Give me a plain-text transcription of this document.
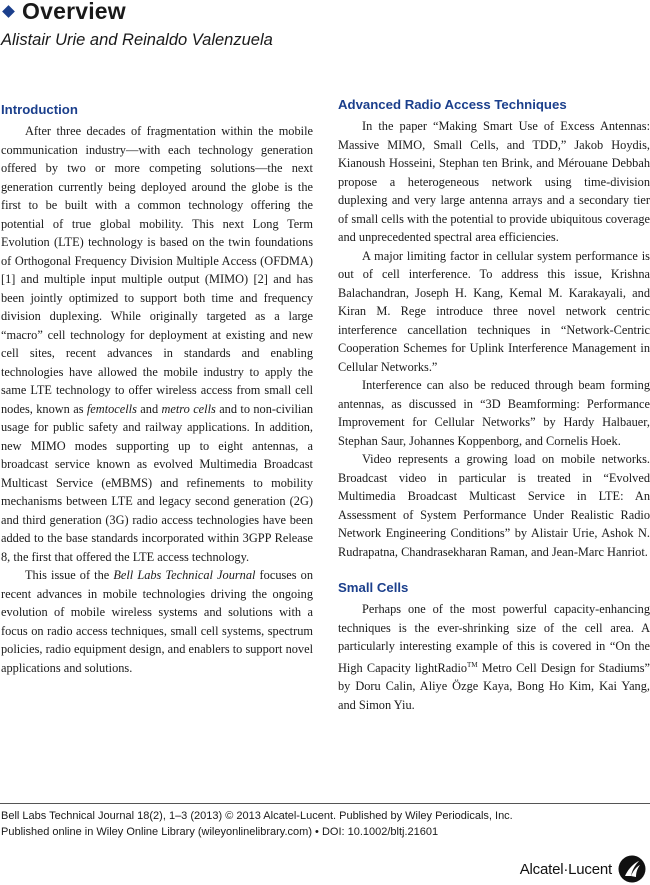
Overview
Alistair Urie and Reinaldo Valenzuela
Introduction

After three decades of fragmentation within the mobile communication industry—with each technology generation offered by two or more competing solutions—the next generation currently being deployed around the globe is the first to be built with a common technology offering the potential of true global mobility. This next Long Term Evolution (LTE) technology is based on the twin foundations of Orthogonal Frequency Division Multiple Access (OFDMA) [1] and multiple input multiple output (MIMO) [2] and has been jointly optimized to support both time and frequency division duplexing. While originally targeted as a large “macro” cell technology for deployment at existing and new cell sites, recent advances in standards and enabling technologies have allowed the mobile industry to apply the same LTE technology to offer wireless access from small cell nodes, known as femtocells and metro cells and to non-civilian usage for public safety and railway applications. In addition, new MIMO modes supporting up to eight antennas, a broadcast service known as evolved Multimedia Broadcast Multicast Service (eMBMS) and refinements to mobility mechanisms between LTE and legacy second generation (2G) and third generation (3G) radio access technologies have been added to the base standards incorporated within 3GPP Release 8, the first that offered the LTE access technology.

This issue of the Bell Labs Technical Journal focuses on recent advances in mobile technologies driving the ongoing evolution of mobile wireless systems and solutions with a focus on radio access techniques, small cell systems, spectrum policies, radio equipment design, and enablers to support novel applications and solutions.

Advanced Radio Access Techniques

In the paper “Making Smart Use of Excess Antennas: Massive MIMO, Small Cells, and TDD,” Jakob Hoydis, Kianoush Hosseini, Stephan ten Brink, and Mérouane Debbah propose a heterogeneous network using time-division duplexing and very large antenna arrays and a secondary tier of small cells with the potential to provide ubiquitous coverage and unprecedented spectral area efficiencies.

A major limiting factor in cellular system performance is out of cell interference. To address this issue, Krishna Balachandran, Joseph H. Kang, Kemal M. Karakayali, and Kiran M. Rege introduce three novel network centric interference cancellation techniques in “Network-Centric Cooperation Schemes for Uplink Interference Management in Cellular Networks.”

Interference can also be reduced through beam forming antennas, as discussed in “3D Beamforming: Performance Improvement for Cellular Networks” by Hardy Halbauer, Stephan Saur, Johannes Koppenborg, and Cornelis Hoek.

Video represents a growing load on mobile networks. Broadcast video in particular is treated in “Evolved Multimedia Broadcast Multicast Service in LTE: An Assessment of System Performance Under Realistic Radio Network Engineering Conditions” by Alistair Urie, Ashok N. Rudrapatna, Chandrasekharan Raman, and Jean-Marc Hanriot.

Small Cells

Perhaps one of the most powerful capacity-enhancing techniques is the ever-shrinking size of the cell area. A particularly interesting example of this is covered in “On the High Capacity lightRadio™ Metro Cell Design for Stadiums” by Doru Calin, Aliye Özge Kaya, Bong Ho Kim, Kai Yang, and Simon Yiu.

Bell Labs Technical Journal 18(2), 1–3 (2013) © 2013 Alcatel-Lucent. Published by Wiley Periodicals, Inc.
Published online in Wiley Online Library (wileyonlinelibrary.com) • DOI: 10.1002/bltj.21601
Alcatel·Lucent
